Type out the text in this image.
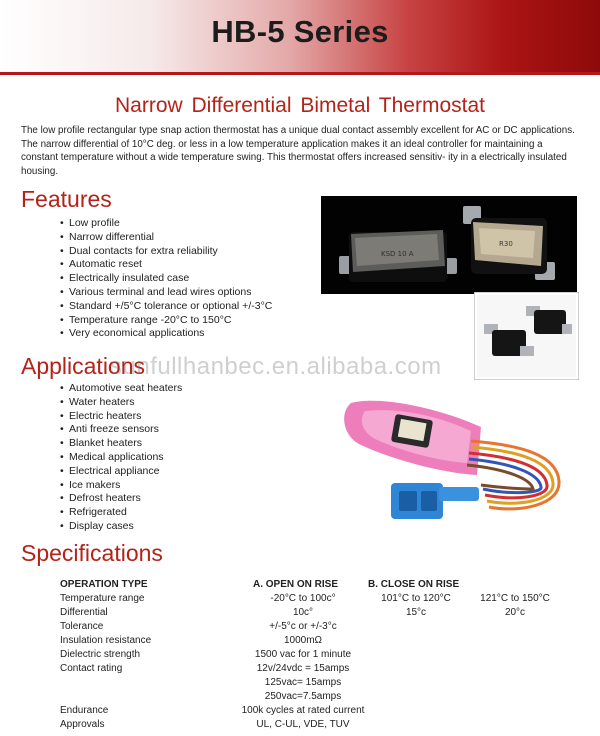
HB-5 Series
Narrow Differential Bimetal Thermostat

The low profile rectangular type snap action thermostat has a unique dual contact assembly excellent for AC or DC applications. The narrow differential of 10°C deg. or less in a low temperature application makes it an ideal controller for maintaining a constant temperature without a wide temperature swing. This thermostat offers increased sensitiv- ity in a electrically insulated housing.

Features
• Low profile
• Narrow differential
• Dual contacts for extra reliability
• Automatic reset
• Electrically insulated case
• Various terminal and lead wires options
• Standard +/5°C tolerance or optional +/-3°C
• Temperature range -20°C to 150°C
• Very economical applications
Applications
• Automotive seat heaters
• Water heaters
• Electric heaters
• Anti freeze sensors
• Blanket heaters
• Medical applications
• Electrical appliance
• Ice makers
• Defrost heaters
• Refrigerated
• Display cases
KSD 10 A
R30
sunfullhanbec.en.alibaba.com
Specifications
OPERATION TYPE	A. OPEN ON RISE	B. CLOSE ON RISE
Temperature range	-20°C to 100c°	101°C to 120°C	121°C to 150°C
Differential	10c°	15°c	20°c
Tolerance	+/-5°c or +/-3°c
Insulation resistance	1000mΩ
Dielectric strength	1500 vac for 1 minute
Contact rating	12v/24vdc = 15amps
125vac= 15amps
250vac=7.5amps
Endurance	100k cycles at rated current
Approvals	UL, C-UL, VDE, TUV
